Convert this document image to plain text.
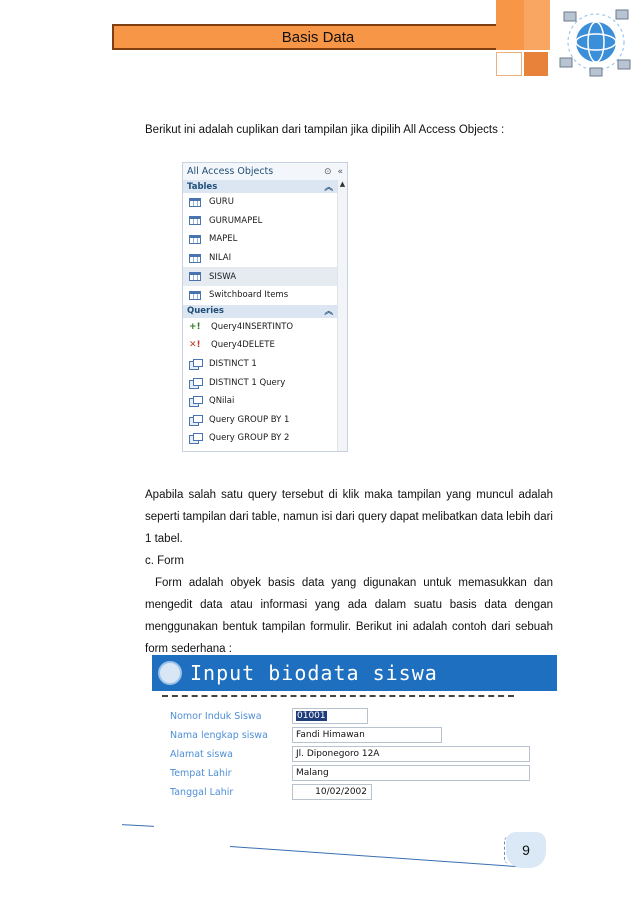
Basis Data

Berikut ini adalah cuplikan dari tampilan jika dipilih All Access Objects :

All Access Objects	⊙ «
▲
Tables	︽
GURU
GURUMAPEL
MAPEL
NILAI
SISWA
Switchboard Items
Queries	︽
+! Query4INSERTINTO
✕! Query4DELETE
DISTINCT 1
DISTINCT 1 Query
QNilai
Query GROUP BY 1
Query GROUP BY 2

Apabila salah satu query tersebut di klik maka tampilan yang muncul adalah seperti tampilan dari table, namun isi dari query dapat melibatkan data lebih dari 1 tabel.

c. Form

Form adalah obyek basis data yang digunakan untuk memasukkan dan mengedit data atau informasi yang ada dalam suatu basis data dengan menggunakan bentuk tampilan formulir. Berikut ini adalah contoh dari sebuah form sederhana :

Input biodata siswa
Nomor Induk Siswa	01001
Nama lengkap siswa	Fandi Himawan
Alamat siswa	Jl. Diponegoro 12A
Tempat Lahir	Malang
Tanggal Lahir	10/02/2002
9
